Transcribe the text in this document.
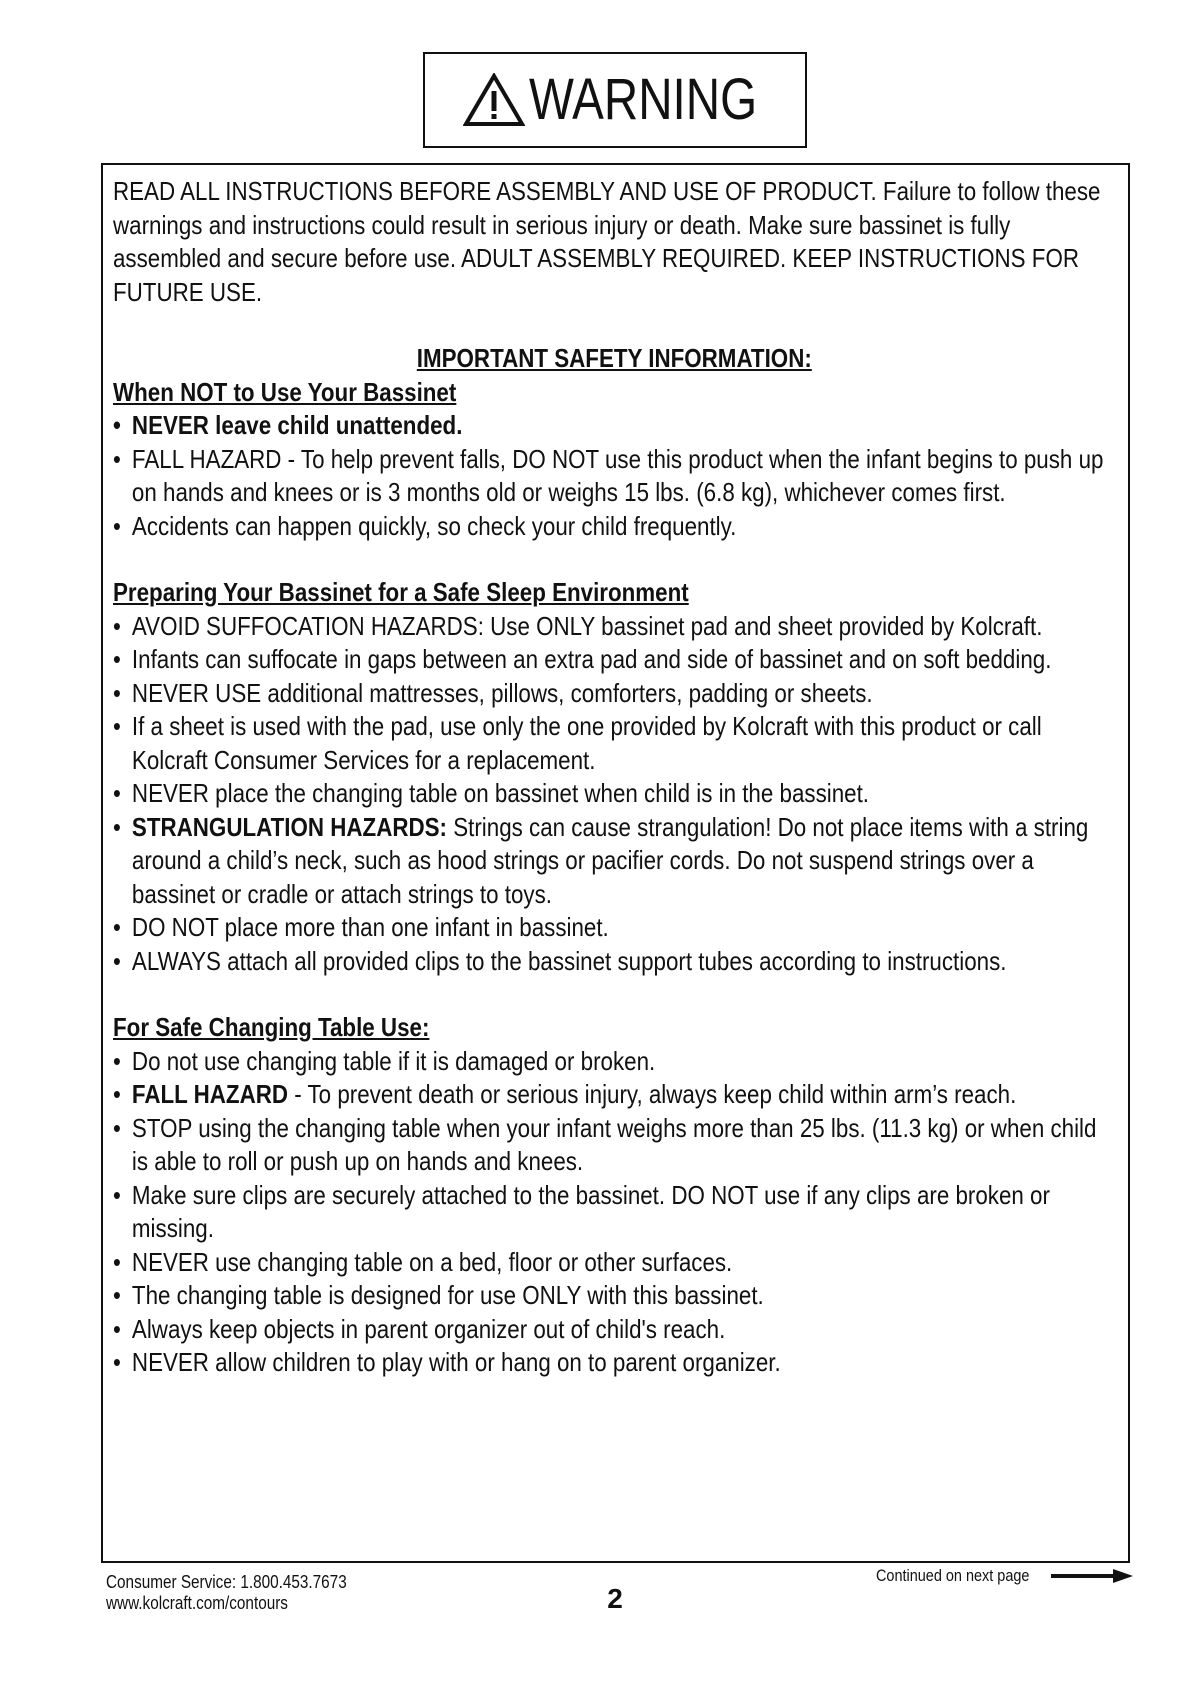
WARNING

READ ALL INSTRUCTIONS BEFORE ASSEMBLY AND USE OF PRODUCT. Failure to follow these warnings and instructions could result in serious injury or death. Make sure bassinet is fully assembled and secure before use. ADULT ASSEMBLY REQUIRED. KEEP INSTRUCTIONS FOR FUTURE USE.

IMPORTANT SAFETY INFORMATION:

When NOT to Use Your Bassinet

• NEVER leave child unattended.
• FALL HAZARD - To help prevent falls, DO NOT use this product when the infant begins to push up on hands and knees or is 3 months old or weighs 15 lbs. (6.8 kg), whichever comes first.
• Accidents can happen quickly, so check your child frequently.

Preparing Your Bassinet for a Safe Sleep Environment

• AVOID SUFFOCATION HAZARDS: Use ONLY bassinet pad and sheet provided by Kolcraft.
• Infants can suffocate in gaps between an extra pad and side of bassinet and on soft bedding.
• NEVER USE additional mattresses, pillows, comforters, padding or sheets.
• If a sheet is used with the pad, use only the one provided by Kolcraft with this product or call Kolcraft Consumer Services for a replacement.
• NEVER place the changing table on bassinet when child is in the bassinet.
• STRANGULATION HAZARDS: Strings can cause strangulation! Do not place items with a string around a child’s neck, such as hood strings or pacifier cords. Do not suspend strings over a bassinet or cradle or attach strings to toys.
• DO NOT place more than one infant in bassinet.
• ALWAYS attach all provided clips to the bassinet support tubes according to instructions.

For Safe Changing Table Use:

• Do not use changing table if it is damaged or broken.
• FALL HAZARD - To prevent death or serious injury, always keep child within arm’s reach.
• STOP using the changing table when your infant weighs more than 25 lbs. (11.3 kg) or when child is able to roll or push up on hands and knees.
• Make sure clips are securely attached to the bassinet. DO NOT use if any clips are broken or missing.
• NEVER use changing table on a bed, floor or other surfaces.
• The changing table is designed for use ONLY with this bassinet.
• Always keep objects in parent organizer out of child's reach.
• NEVER allow children to play with or hang on to parent organizer.
Consumer Service: 1.800.453.7673
www.kolcraft.com/contours	2
Continued on next page
